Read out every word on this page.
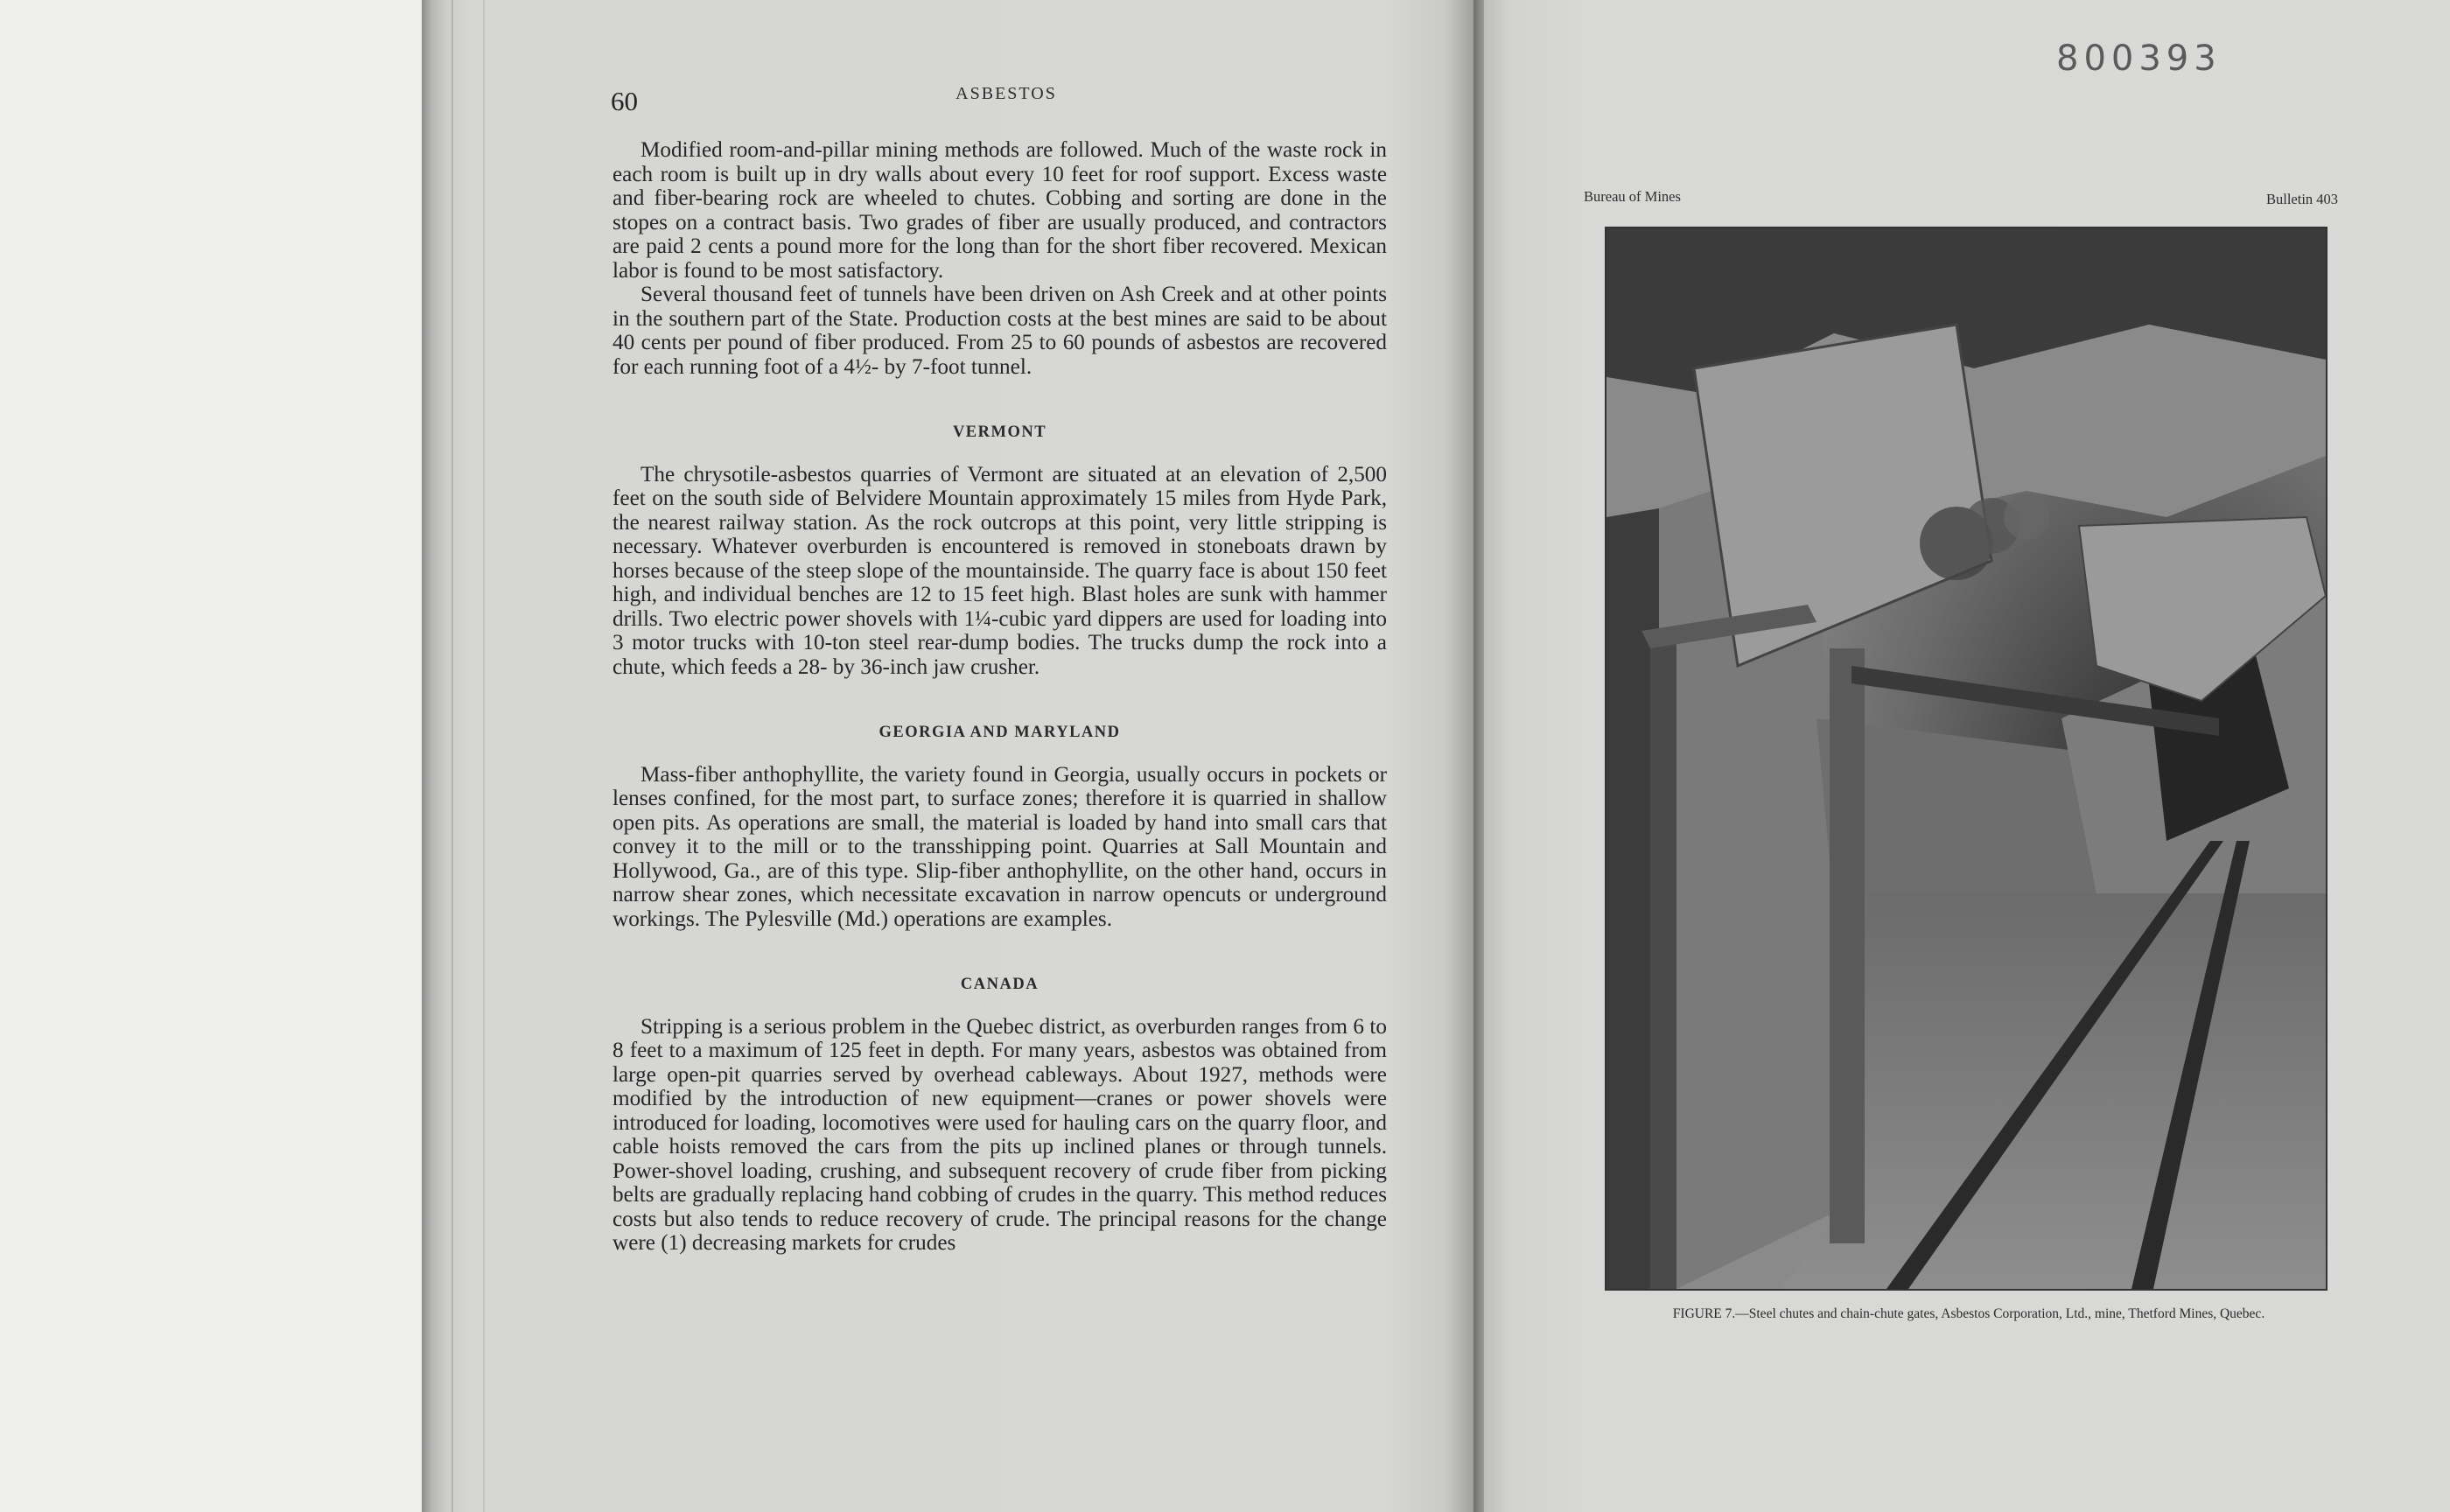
60	ASBESTOS

Modified room-and-pillar mining methods are followed. Much of the waste rock in each room is built up in dry walls about every 10 feet for roof support. Excess waste and fiber-bearing rock are wheeled to chutes. Cobbing and sorting are done in the stopes on a contract basis. Two grades of fiber are usually produced, and contractors are paid 2 cents a pound more for the long than for the short fiber recovered. Mexican labor is found to be most satisfactory.

Several thousand feet of tunnels have been driven on Ash Creek and at other points in the southern part of the State. Production costs at the best mines are said to be about 40 cents per pound of fiber produced. From 25 to 60 pounds of asbestos are recovered for each running foot of a 4½- by 7-foot tunnel.

VERMONT

The chrysotile-asbestos quarries of Vermont are situated at an elevation of 2,500 feet on the south side of Belvidere Mountain approximately 15 miles from Hyde Park, the nearest railway station. As the rock outcrops at this point, very little stripping is necessary. Whatever overburden is encountered is removed in stoneboats drawn by horses because of the steep slope of the mountainside. The quarry face is about 150 feet high, and individual benches are 12 to 15 feet high. Blast holes are sunk with hammer drills. Two electric power shovels with 1¼-cubic yard dippers are used for loading into 3 motor trucks with 10-ton steel rear-dump bodies. The trucks dump the rock into a chute, which feeds a 28- by 36-inch jaw crusher.

GEORGIA AND MARYLAND

Mass-fiber anthophyllite, the variety found in Georgia, usually occurs in pockets or lenses confined, for the most part, to surface zones; therefore it is quarried in shallow open pits. As operations are small, the material is loaded by hand into small cars that convey it to the mill or to the transshipping point. Quarries at Sall Mountain and Hollywood, Ga., are of this type. Slip-fiber anthophyllite, on the other hand, occurs in narrow shear zones, which necessitate excavation in narrow opencuts or underground workings. The Pylesville (Md.) operations are examples.

CANADA

Stripping is a serious problem in the Quebec district, as overburden ranges from 6 to 8 feet to a maximum of 125 feet in depth. For many years, asbestos was obtained from large open-pit quarries served by overhead cableways. About 1927, methods were modified by the introduction of new equipment—cranes or power shovels were introduced for loading, locomotives were used for hauling cars on the quarry floor, and cable hoists removed the cars from the pits up inclined planes or through tunnels. Power-shovel loading, crushing, and subsequent recovery of crude fiber from picking belts are gradually replacing hand cobbing of crudes in the quarry. This method reduces costs but also tends to reduce recovery of crude. The principal reasons for the change were (1) decreasing markets for crudes

800393
Bureau of Mines	Bulletin 403
FIGURE 7.—Steel chutes and chain-chute gates, Asbestos Corporation, Ltd., mine, Thetford Mines, Quebec.
